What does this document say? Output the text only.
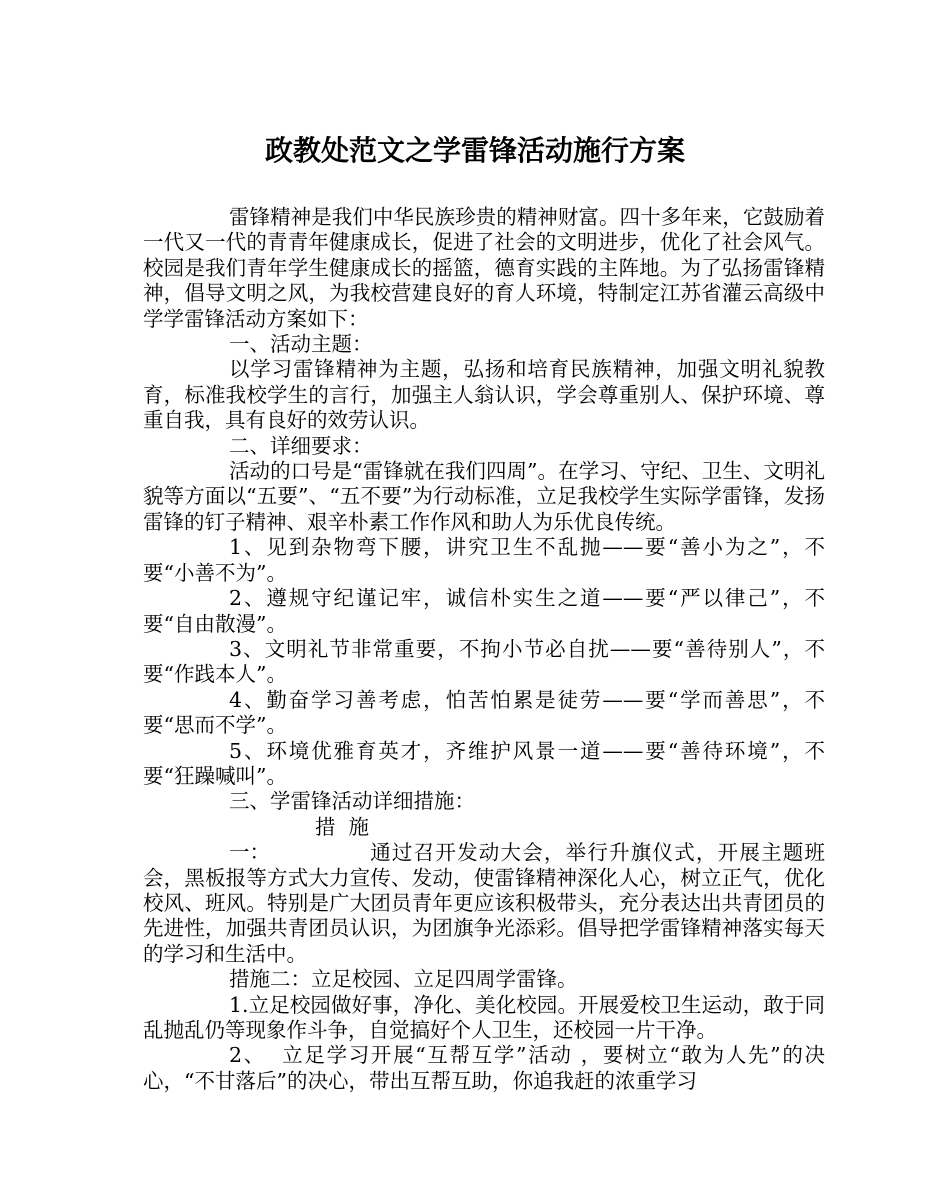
政教处范文之学雷锋活动施行方案

雷锋精神是我们中华民族珍贵的精神财富。四十多年来，它鼓励着一代又一代的青青年健康成长，促进了社会的文明进步，优化了社会风气。校园是我们青年学生健康成长的摇篮，德育实践的主阵地。为了弘扬雷锋精神，倡导文明之风，为我校营建良好的育人环境，特制定江苏省灌云高级中学学雷锋活动方案如下：

一、活动主题：

以学习雷锋精神为主题，弘扬和培育民族精神，加强文明礼貌教育，标准我校学生的言行，加强主人翁认识，学会尊重别人、保护环境、尊重自我，具有良好的效劳认识。

二、详细要求：

活动的口号是“雷锋就在我们四周”。在学习、守纪、卫生、文明礼貌等方面以“五要”、“五不要”为行动标准，立足我校学生实际学雷锋，发扬雷锋的钉子精神、艰辛朴素工作作风和助人为乐优良传统。

1、见到杂物弯下腰，讲究卫生不乱抛——要“善小为之”，不要“小善不为”。

2、遵规守纪谨记牢，诚信朴实生之道——要“严以律己”，不要“自由散漫”。

3、文明礼节非常重要，不拘小节必自扰——要“善待别人”，不要“作践本人”。

4、勤奋学习善考虑，怕苦怕累是徒劳——要“学而善思”，不要“思而不学”。

5、环境优雅育英才，齐维护风景一道——要“善待环境”，不要“狂躁喊叫”。

三、学雷锋活动详细措施：

措施一：	通过召开发动大会，举行升旗仪式，开展主题班会，黑板报等方式大力宣传、发动，使雷锋精神深化人心，树立正气，优化校风、班风。特别是广大团员青年更应该积极带头，充分表达出共青团员的先进性，加强共青团员认识，为团旗争光添彩。倡导把学雷锋精神落实每天的学习和生活中。

措施二：立足校园、立足四周学雷锋。

1.立足校园做好事，净化、美化校园。开展爱校卫生运动，敢于同乱抛乱仍等现象作斗争，自觉搞好个人卫生，还校园一片干净。

2、  立足学习开展“互帮互学”活动 ，要树立“敢为人先”的决心，“不甘落后”的决心，带出互帮互助，你追我赶的浓重学习
